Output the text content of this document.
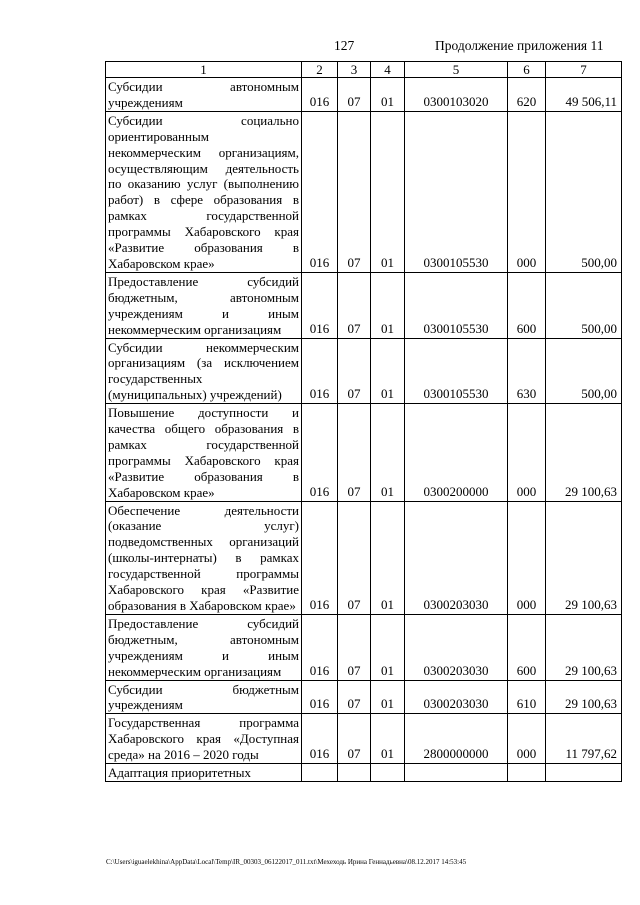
127	Продолжение приложения 11
1	2	3	4	5	6	7
Субсидии автономным учреждениям	016	07	01	0300103020	620	49 506,11
Субсидии социально ориентированным некоммерческим организациям, осуществляющим деятельность по оказанию услуг (выполнению работ) в сфере образования в рамках государственной программы Хабаровского края «Развитие образования в Хабаровском крае»	016	07	01	0300105530	000	500,00
Предоставление субсидий бюджетным, автономным учреждениям и иным некоммерческим организациям	016	07	01	0300105530	600	500,00
Субсидии некоммерческим организациям (за исключением государственных (муниципальных) учреждений)	016	07	01	0300105530	630	500,00
Повышение доступности и качества общего образования в рамках государственной программы Хабаровского края «Развитие образования в Хабаровском крае»	016	07	01	0300200000	000	29 100,63
Обеспечение деятельности (оказание услуг) подведомственных организаций (школы-интернаты) в рамках государственной программы Хабаровского края «Развитие образования в Хабаровском крае»	016	07	01	0300203030	000	29 100,63
Предоставление субсидий бюджетным, автономным учреждениям и иным некоммерческим организациям	016	07	01	0300203030	600	29 100,63
Субсидии бюджетным учреждениям	016	07	01	0300203030	610	29 100,63
Государственная программа Хабаровского края «Доступная среда» на 2016 – 2020 годы	016	07	01	2800000000	000	11 797,62
Адаптация приоритетных						
C:\Users\iguaelekhina\AppData\Local\Temp\IR_00303_06122017_011.txt\Мехеходь Ирина Геннадьевна\08.12.2017 14:53:45
